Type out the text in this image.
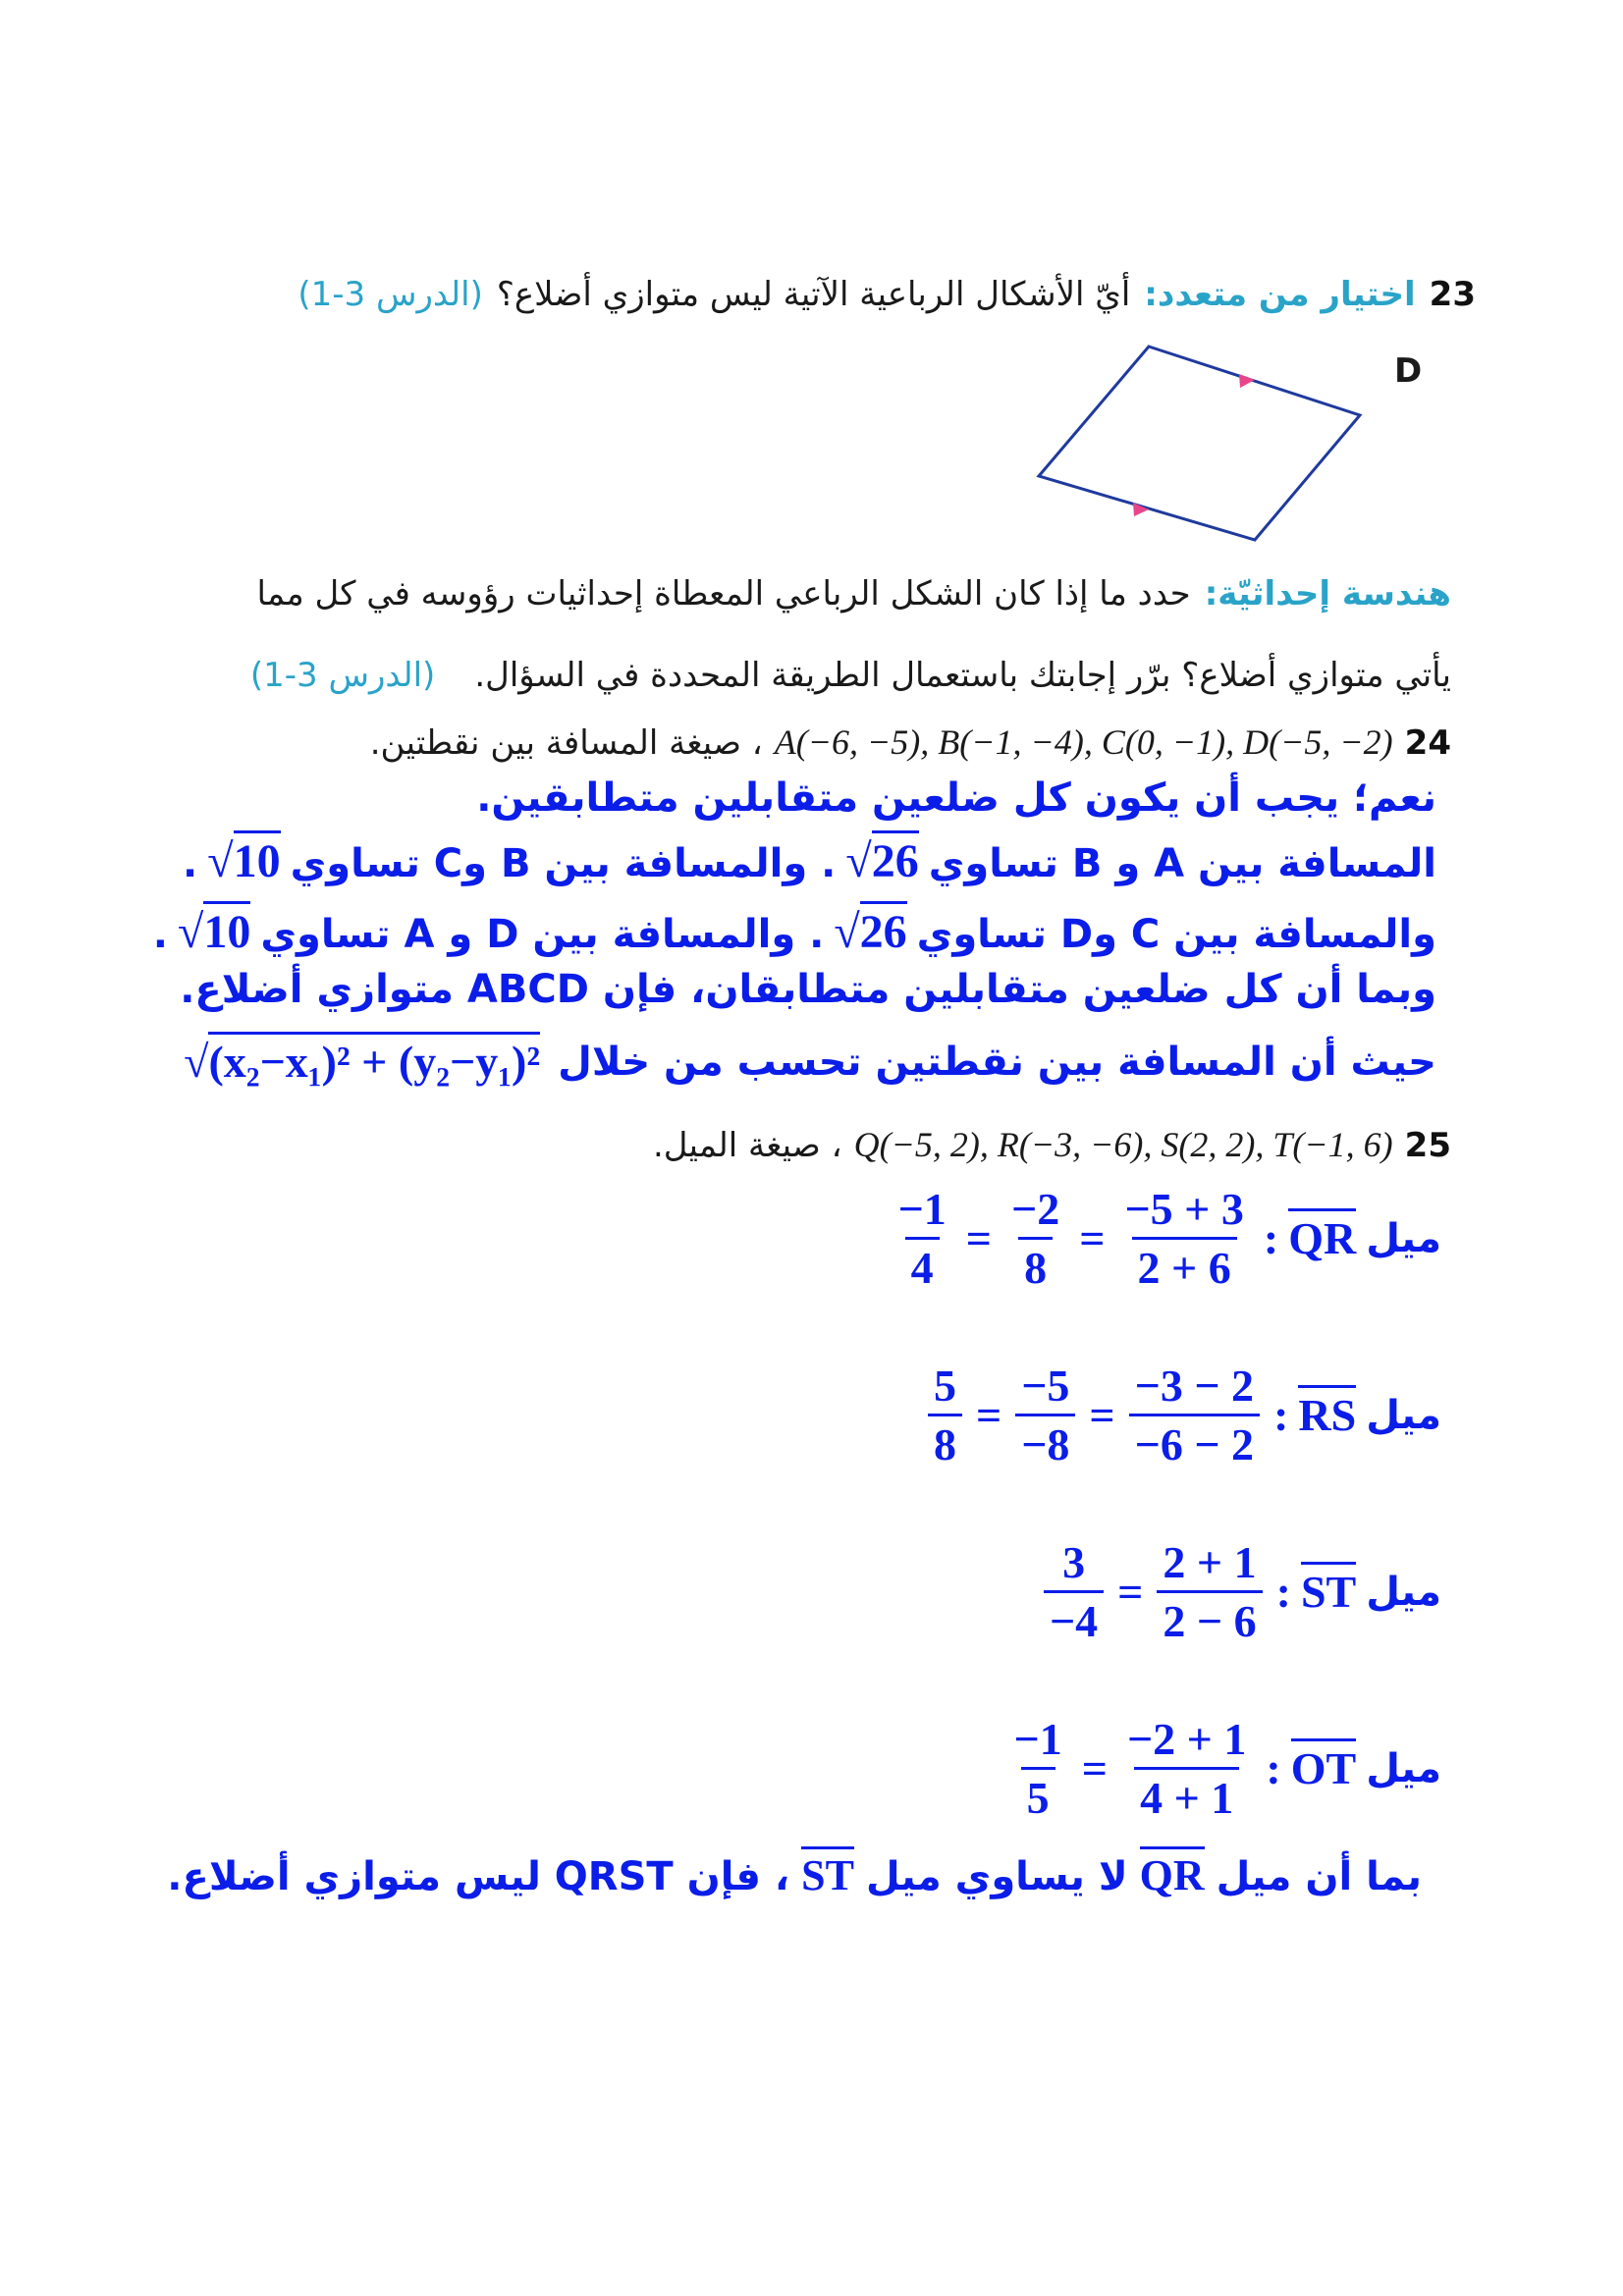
23
اختيار من متعدد:
أيّ الأشكال الرباعية الآتية ليس متوازي أضلاع؟
(الدرس 3-1)
D
هندسة إحداثيّة:
حدد ما إذا كان الشكل الرباعي المعطاة إحداثيات رؤوسه في كل مما
يأتي متوازي أضلاع؟ برّر إجابتك باستعمال الطريقة المحددة في السؤال.
(الدرس 3-1)
24
A(−6, −5), B(−1, −4), C(0, −1), D(−5, −2)
، صيغة المسافة بين نقطتين.
نعم؛ يجب أن يكون كل ضلعين متقابلين متطابقين.
المسافة بين A و B تساوي
√26
. والمسافة بين B وC تساوي
√10
.
والمسافة بين C وD تساوي
√26
. والمسافة بين D و A تساوي
√10
.
وبما أن كل ضلعين متقابلين متطابقان، فإن ABCD متوازي أضلاع.
حيث أن المسافة بين نقطتين تحسب من خلال
√(x₂−x₁)² + (y₂−y₁)²
25
Q(−5, 2), R(−3, −6), S(2, 2), T(−1, 6)
، صيغة الميل.
ميل
QR
:
$\frac{-5 + 3}{2 + 6}$
=
$\frac{-2}{8}$
=
$\frac{-1}{4}$
ميل
RS
:
$\frac{-3 - 2}{-6 - 2}$
=
$\frac{-5}{-8}$
=
$\frac{5}{8}$
ميل
ST
:
$\frac{2 + 1}{2 - 6}$
=
$\frac{3}{-4}$
ميل
OT
:
$\frac{-2 + 1}{4 + 1}$
=
$\frac{-1}{5}$
بما أن ميل
QR
لا يساوي ميل
ST
، فإن QRST ليس متوازي أضلاع.
